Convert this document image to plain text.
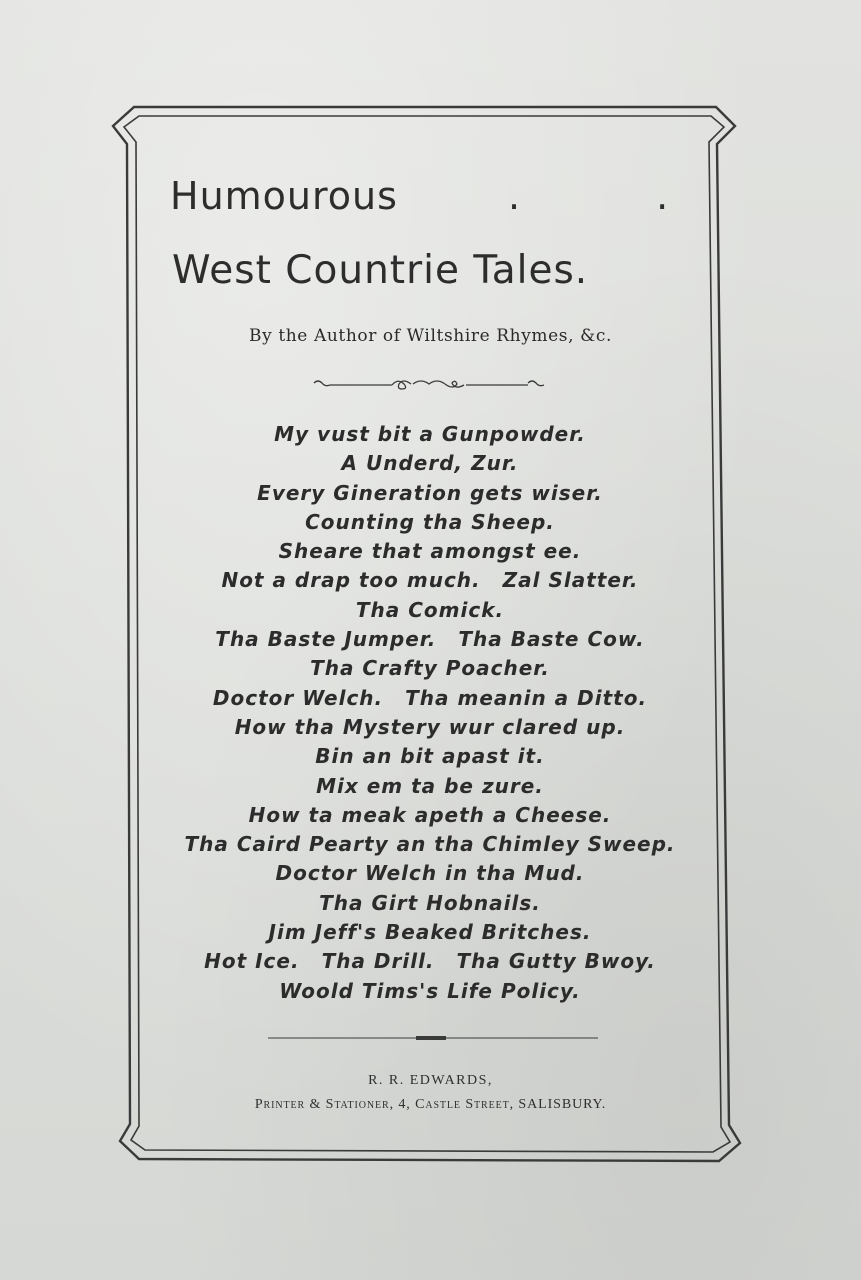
Humourous	. .
West Countrie Tales.
By the Author of Wiltshire Rhymes, &c.
My vust bit a Gunpowder.
A Underd, Zur.
Every Gineration gets wiser.
Counting tha Sheep.
Sheare that amongst ee.
Not a drap too much. Zal Slatter.
Tha Comick.
Tha Baste Jumper. Tha Baste Cow.
Tha Crafty Poacher.
Doctor Welch. Tha meanin a Ditto.
How tha Mystery wur clared up.
Bin an bit apast it.
Mix em ta be zure.
How ta meak apeth a Cheese.
Tha Caird Pearty an tha Chimley Sweep.
Doctor Welch in tha Mud.
Tha Girt Hobnails.
Jim Jeff's Beaked Britches.
Hot Ice. Tha Drill. Tha Gutty Bwoy.
Woold Tims's Life Policy.
R. R. EDWARDS,
Printer & Stationer, 4, Castle Street, SALISBURY.
